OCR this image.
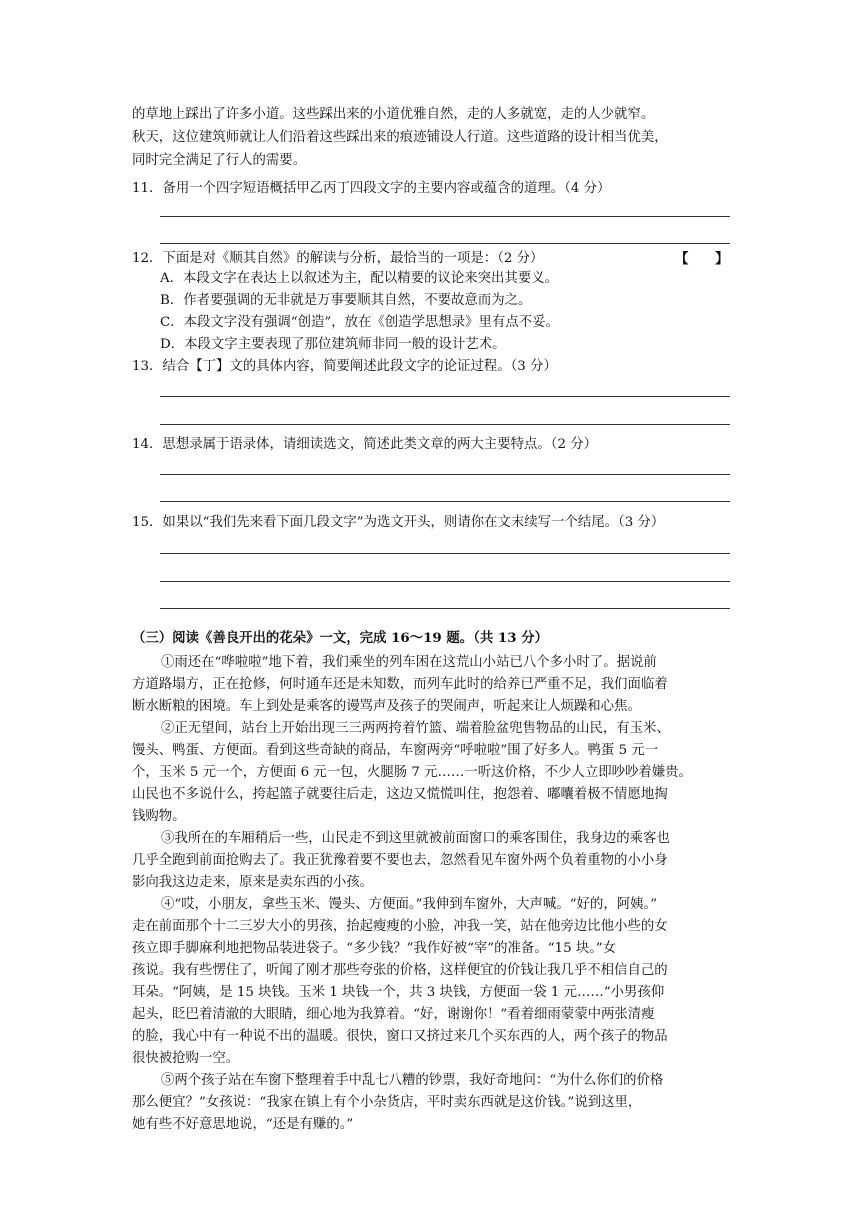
的草地上踩出了许多小道。这些踩出来的小道优雅自然，走的人多就宽，走的人少就窄。
秋天，这位建筑师就让人们沿着这些踩出来的痕迹铺设人行道。这些道路的设计相当优美，
同时完全满足了行人的需要。
11．备用一个四字短语概括甲乙丙丁四段文字的主要内容或蕴含的道理。（4 分）
12．下面是对《顺其自然》的解读与分析，最恰当的一项是：（2 分）	【　　】
A．本段文字在表达上以叙述为主，配以精要的议论来突出其要义。
B．作者要强调的无非就是万事要顺其自然，不要故意而为之。
C．本段文字没有强调“创造”，放在《创造学思想录》里有点不妥。
D．本段文字主要表现了那位建筑师非同一般的设计艺术。
13．结合【丁】文的具体内容，简要阐述此段文字的论证过程。（3 分）
14．思想录属于语录体，请细读选文，简述此类文章的两大主要特点。（2 分）
15．如果以“我们先来看下面几段文字”为选文开头，则请你在文末续写一个结尾。（3 分）
（三）阅读《善良开出的花朵》一文，完成 16～19 题。（共 13 分）
①雨还在“哗啦啦”地下着，我们乘坐的列车困在这荒山小站已八个多小时了。据说前
方道路塌方，正在抢修，何时通车还是未知数，而列车此时的给养已严重不足，我们面临着
断水断粮的困境。车上到处是乘客的谩骂声及孩子的哭闹声，听起来让人烦躁和心焦。
②正无望间，站台上开始出现三三两两挎着竹篮、端着脸盆兜售物品的山民，有玉米、
馒头、鸭蛋、方便面。看到这些奇缺的商品，车窗两旁“呼啦啦”围了好多人。鸭蛋 5 元一
个，玉米 5 元一个，方便面 6 元一包，火腿肠 7 元……一听这价格，不少人立即吵吵着嫌贵。
山民也不多说什么，挎起篮子就要往后走，这边又慌慌叫住，抱怨着、嘟囔着极不情愿地掏
钱购物。
③我所在的车厢稍后一些，山民走不到这里就被前面窗口的乘客围住，我身边的乘客也
几乎全跑到前面抢购去了。我正犹豫着要不要也去，忽然看见车窗外两个负着重物的小小身
影向我这边走来，原来是卖东西的小孩。
④“哎，小朋友，拿些玉米、馒头、方便面。”我伸到车窗外，大声喊。“好的，阿姨。”
走在前面那个十二三岁大小的男孩，抬起瘦瘦的小脸，冲我一笑，站在他旁边比他小些的女
孩立即手脚麻利地把物品装进袋子。“多少钱？”我作好被“宰”的准备。“15 块。”女
孩说。我有些愣住了，听闻了刚才那些夸张的价格，这样便宜的价钱让我几乎不相信自己的
耳朵。“阿姨，是 15 块钱。玉米 1 块钱一个，共 3 块钱，方便面一袋 1 元……”小男孩仰
起头，眨巴着清澈的大眼睛，细心地为我算着。“好，谢谢你！”看着细雨蒙蒙中两张清瘦
的脸，我心中有一种说不出的温暖。很快，窗口又挤过来几个买东西的人，两个孩子的物品
很快被抢购一空。
⑤两个孩子站在车窗下整理着手中乱七八糟的钞票，我好奇地问：“为什么你们的价格
那么便宜？”女孩说：“我家在镇上有个小杂货店，平时卖东西就是这价钱。”说到这里，
她有些不好意思地说，“还是有赚的。”
